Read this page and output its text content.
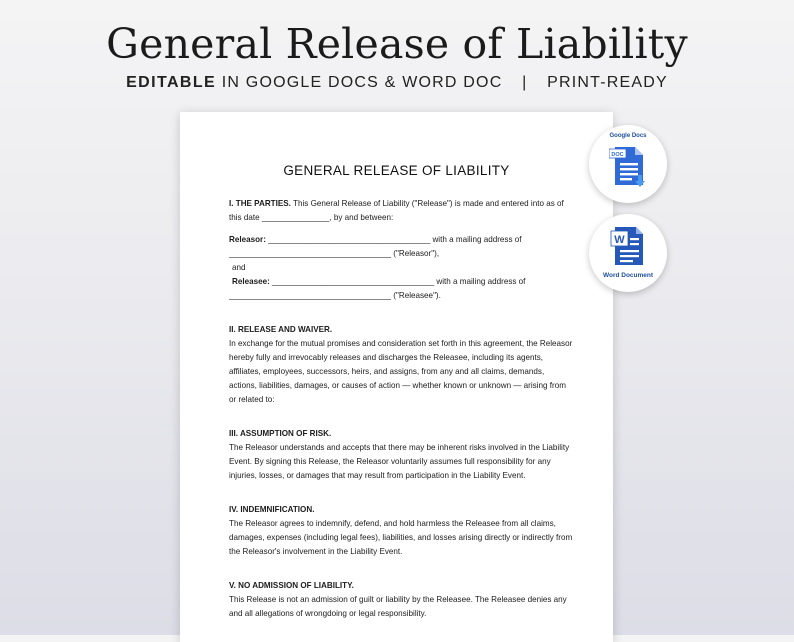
General Release of Liability
EDITABLE IN GOOGLE DOCS & WORD DOC | PRINT-READY
GENERAL RELEASE OF LIABILITY
I. THE PARTIES. This General Release of Liability ("Release") is made and entered into as of
this date _______________, by and between:
Releasor: ____________________________________ with a mailing address of
____________________________________ ("Releasor"),
and
Releasee: ____________________________________ with a mailing address of
____________________________________ ("Releasee").
II. RELEASE AND WAIVER.
In exchange for the mutual promises and consideration set forth in this agreement, the Releasor
hereby fully and irrevocably releases and discharges the Releasee, including its agents,
affiliates, employees, successors, heirs, and assigns, from any and all claims, demands,
actions, liabilities, damages, or causes of action — whether known or unknown — arising from
or related to:
III. ASSUMPTION OF RISK.
The Releasor understands and accepts that there may be inherent risks involved in the Liability
Event. By signing this Release, the Releasor voluntarily assumes full responsibility for any
injuries, losses, or damages that may result from participation in the Liability Event.
IV. INDEMNIFICATION.
The Releasor agrees to indemnify, defend, and hold harmless the Releasee from all claims,
damages, expenses (including legal fees), liabilities, and losses arising directly or indirectly from
the Releasor's involvement in the Liability Event.
V. NO ADMISSION OF LIABILITY.
This Release is not an admission of guilt or liability by the Releasee. The Releasee denies any
and all allegations of wrongdoing or legal responsibility.
Google Docs
DOC
W
Word Document
